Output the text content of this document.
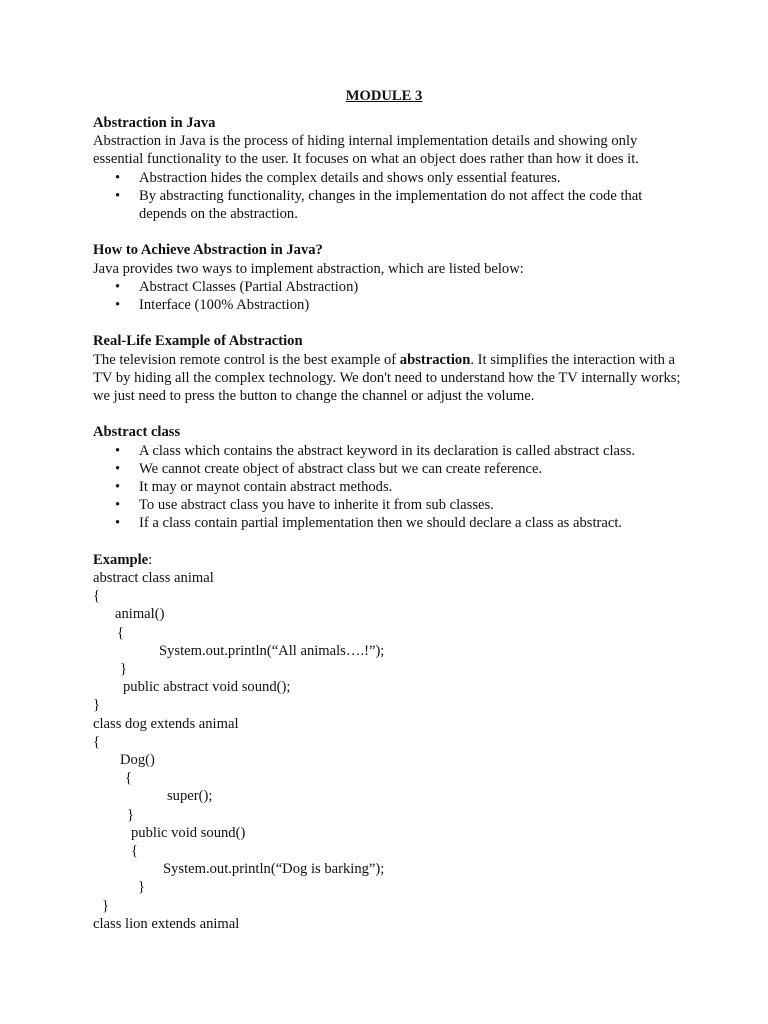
MODULE 3

Abstraction in Java

Abstraction in Java is the process of hiding internal implementation details and showing only essential functionality to the user. It focuses on what an object does rather than how it does it.

• Abstraction hides the complex details and shows only essential features.
• By abstracting functionality, changes in the implementation do not affect the code that depends on the abstraction.

How to Achieve Abstraction in Java?

Java provides two ways to implement abstraction, which are listed below:

• Abstract Classes (Partial Abstraction)
• Interface (100% Abstraction)

Real-Life Example of Abstraction

The television remote control is the best example of abstraction. It simplifies the interaction with a TV by hiding all the complex technology. We don't need to understand how the TV internally works; we just need to press the button to change the channel or adjust the volume.

Abstract class

• A class which contains the abstract keyword in its declaration is called abstract class.
• We cannot create object of abstract class but we can create reference.
• It may or maynot contain abstract methods.
• To use abstract class you have to inherite it from sub classes.
• If a class contain partial implementation then we should declare a class as abstract.

Example:

abstract class animal
{
animal()
{
System.out.println(“All animals….!”);
}
public abstract void sound();
}
class dog extends animal
{
Dog()
{
super();
}
public void sound()
{
System.out.println(“Dog is barking”);
}
}
class lion extends animal
